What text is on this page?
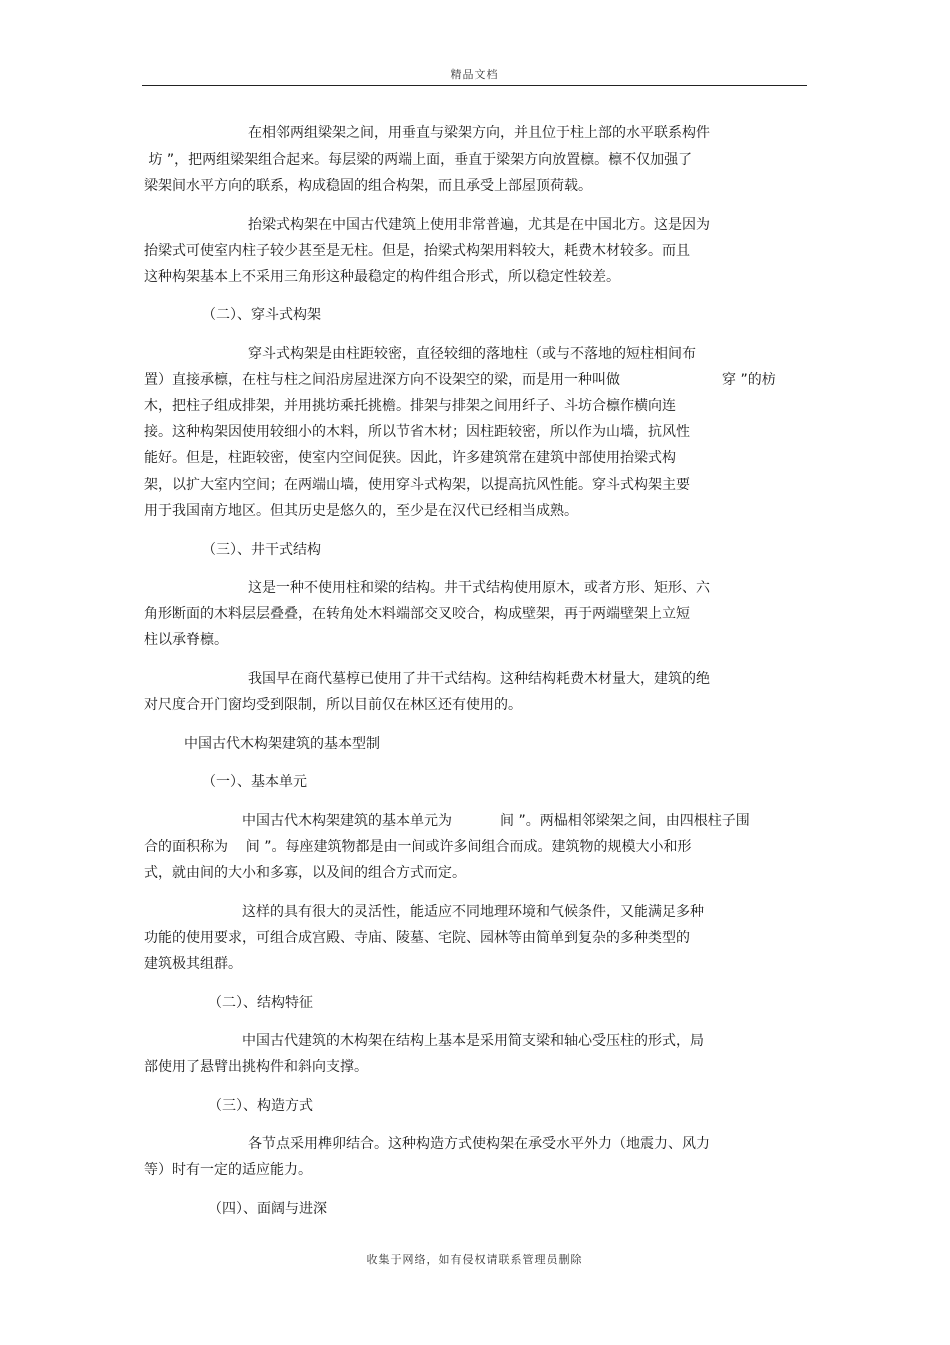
精品文档
在相邻两组梁架之间，用垂直与梁架方向，并且位于柱上部的水平联系构件
坊 ”，把两组梁架组合起来。每层梁的两端上面，垂直于梁架方向放置檩。檩不仅加强了
梁架间水平方向的联系，构成稳固的组合构架，而且承受上部屋顶荷载。
抬梁式构架在中国古代建筑上使用非常普遍，尤其是在中国北方。这是因为
抬梁式可使室内柱子较少甚至是无柱。但是，抬梁式构架用料较大，耗费木材较多。而且
这种构架基本上不采用三角形这种最稳定的构件组合形式，所以稳定性较差。
（二）、穿斗式构架
穿斗式构架是由柱距较密，直径较细的落地柱（或与不落地的短柱相间布
置）直接承檩，在柱与柱之间沿房屋进深方向不设架空的梁，而是用一种叫做	穿 ”的枋
木，把柱子组成排架，并用挑坊乘托挑檐。排架与排架之间用纤子、斗坊合檩作横向连
接。这种构架因使用较细小的木料，所以节省木材；因柱距较密，所以作为山墙，抗风性
能好。但是，柱距较密，使室内空间促狭。因此，许多建筑常在建筑中部使用抬梁式构
架，以扩大室内空间；在两端山墙，使用穿斗式构架，以提高抗风性能。穿斗式构架主要
用于我国南方地区。但其历史是悠久的，至少是在汉代已经相当成熟。
（三）、井干式结构
这是一种不使用柱和梁的结构。井干式结构使用原木，或者方形、矩形、六
角形断面的木料层层叠叠，在转角处木料端部交叉咬合，构成壁架，再于两端壁架上立短
柱以承脊檩。
我国早在商代墓椁已使用了井干式结构。这种结构耗费木材量大，建筑的绝
对尺度合开门窗均受到限制，所以目前仅在林区还有使用的。
中国古代木构架建筑的基本型制
（一）、基本单元
中国古代木构架建筑的基本单元为	间 ”。两榀相邻梁架之间，由四根柱子围
合的面积称为    间 ”。每座建筑物都是由一间或许多间组合而成。建筑物的规模大小和形
式，就由间的大小和多寡，以及间的组合方式而定。
这样的具有很大的灵活性，能适应不同地理环境和气候条件，又能满足多种
功能的使用要求，可组合成宫殿、寺庙、陵墓、宅院、园林等由简单到复杂的多种类型的
建筑极其组群。
（二）、结构特征
中国古代建筑的木构架在结构上基本是采用简支梁和轴心受压柱的形式，局
部使用了悬臂出挑构件和斜向支撑。
（三）、构造方式
各节点采用榫卯结合。这种构造方式使构架在承受水平外力（地震力、风力
等）时有一定的适应能力。
（四）、面阔与进深
收集于网络，如有侵权请联系管理员删除
